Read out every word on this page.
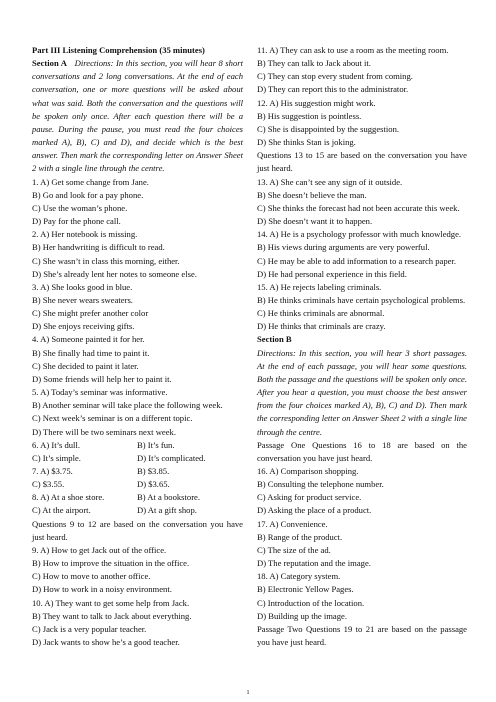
Part III Listening Comprehension (35 minutes)
Section A Directions: In this section, you will hear 8 short conversations and 2 long conversations. At the end of each conversation, one or more questions will be asked about what was said. Both the conversation and the questions will be spoken only once. After each question there will be a pause. During the pause, you must read the four choices marked A), B), C) and D), and decide which is the best answer. Then mark the corresponding letter on Answer Sheet 2 with a single line through the centre.
1. A) Get some change from Jane.
B) Go and look for a pay phone.
C) Use the woman’s phone.
D) Pay for the phone call.
2. A) Her notebook is missing.
B) Her handwriting is difficult to read.
C) She wasn’t in class this morning, either.
D) She’s already lent her notes to someone else.
3. A) She looks good in blue.
B) She never wears sweaters.
C) She might prefer another color
D) She enjoys receiving gifts.
4. A) Someone painted it for her.
B) She finally had time to paint it.
C) She decided to paint it later.
D) Some friends will help her to paint it.
5. A) Today’s seminar was informative.
B) Another seminar will take place the following week.
C) Next week’s seminar is on a different topic.
D) There will be two seminars next week.
6. A) It’s dull.	B) It’s fun.
C) It’s simple.	D) It’s complicated.
7. A) $3.75.	B) $3.85.
C) $3.55.	D) $3.65.
8. A) At a shoe store.	B) At a bookstore.
C) At the airport.	D) At a gift shop.
Questions 9 to 12 are based on the conversation you have just heard.
9. A) How to get Jack out of the office.
B) How to improve the situation in the office.
C) How to move to another office.
D) How to work in a noisy environment.
10. A) They want to get some help from Jack.
B) They want to talk to Jack about everything.
C) Jack is a very popular teacher.
D) Jack wants to show he’s a good teacher.
11. A) They can ask to use a room as the meeting room.
B) They can talk to Jack about it.
C) They can stop every student from coming.
D) They can report this to the administrator.
12. A) His suggestion might work.
B) His suggestion is pointless.
C) She is disappointed by the suggestion.
D) She thinks Stan is joking.
Questions 13 to 15 are based on the conversation you have just heard.
13. A) She can’t see any sign of it outside.
B) She doesn’t believe the man.
C) She thinks the forecast had not been accurate this week.
D) She doesn’t want it to happen.
14. A) He is a psychology professor with much knowledge.
B) His views during arguments are very powerful.
C) He may be able to add information to a research paper.
D) He had personal experience in this field.
15. A) He rejects labeling criminals.
B) He thinks criminals have certain psychological problems.
C) He thinks criminals are abnormal.
D) He thinks that criminals are crazy.
Section B
Directions: In this section, you will hear 3 short passages. At the end of each passage, you will hear some questions. Both the passage and the questions will be spoken only once. After you hear a question, you must choose the best answer from the four choices marked A), B), C) and D). Then mark the corresponding letter on Answer Sheet 2 with a single line through the centre.
Passage One Questions 16 to 18 are based on the conversation you have just heard.
16. A) Comparison shopping.
B) Consulting the telephone number.
C) Asking for product service.
D) Asking the place of a product.
17. A) Convenience.
B) Range of the product.
C) The size of the ad.
D) The reputation and the image.
18. A) Category system.
B) Electronic Yellow Pages.
C) Introduction of the location.
D) Building up the image.
Passage Two Questions 19 to 21 are based on the passage you have just heard.
1
